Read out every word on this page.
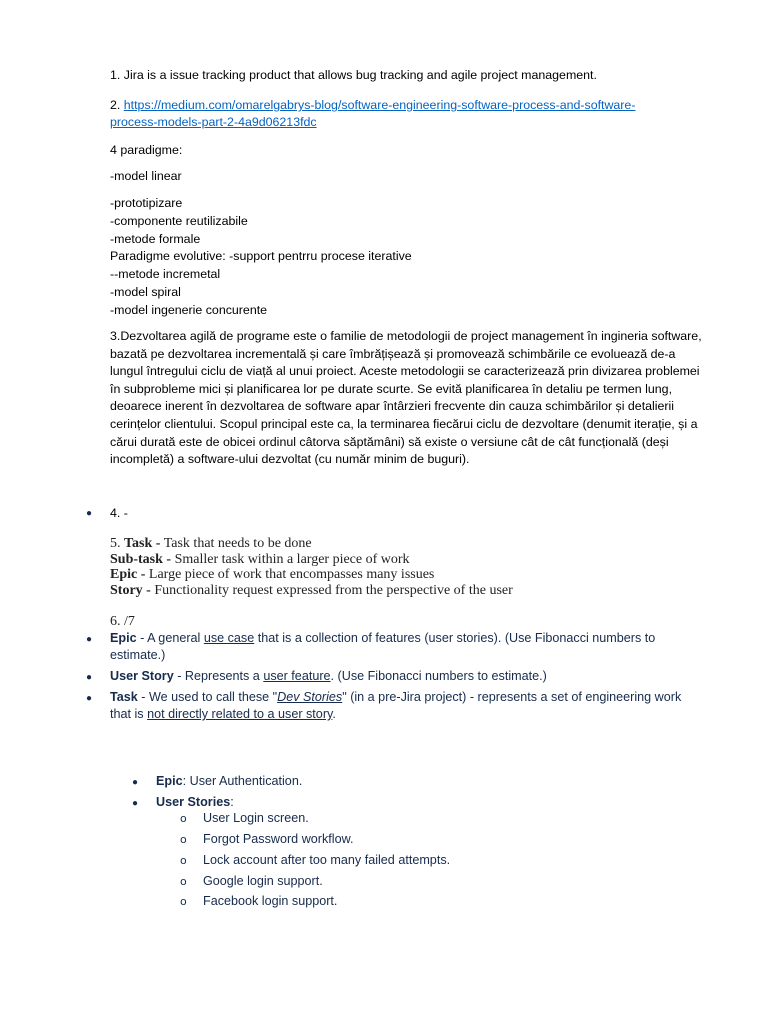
1. Jira is a issue tracking product that allows bug tracking and agile project management.

2. https://medium.com/omarelgabrys-blog/software-engineering-software-process-and-software-

process-models-part-2-4a9d06213fdc

4 paradigme:

-model linear

-prototipizare
-componente reutilizabile
-metode formale
Paradigme evolutive: -support pentrru procese iterative
--metode incremetal
-model spiral
-model ingenerie concurente

3.Dezvoltarea agilă de programe este o familie de metodologii de project management în ingineria software, bazată pe dezvoltarea incrementală și care îmbrățișează și promovează schimbările ce evoluează de-a lungul întregului ciclu de viață al unui proiect. Aceste metodologii se caracterizează prin divizarea problemei în subprobleme mici și planificarea lor pe durate scurte. Se evită planificarea în detaliu pe termen lung, deoarece inerent în dezvoltarea de software apar întârzieri frecvente din cauza schimbărilor și detalierii cerințelor clientului. Scopul principal este ca, la terminarea fiecărui ciclu de dezvoltare (denumit iterație, și a cărui durată este de obicei ordinul câtorva săptămâni) să existe o versiune cât de cât funcțională (deși incompletă) a software-ului dezvoltat (cu număr minim de buguri).

● 4. -

5. Task - Task that needs to be done
Sub-task - Smaller task within a larger piece of work
Epic - Large piece of work that encompasses many issues
Story - Functionality request expressed from the perspective of the user

6. /7

● Epic - A general use case that is a collection of features (user stories). (Use Fibonacci numbers to

estimate.)

● User Story - Represents a user feature. (Use Fibonacci numbers to estimate.)

● Task - We used to call these "Dev Stories" (in a pre-Jira project) - represents a set of engineering work

that is not directly related to a user story.

● Epic: User Authentication.

● User Stories:

o User Login screen.

o Forgot Password workflow.

o Lock account after too many failed attempts.

o Google login support.

o Facebook login support.
